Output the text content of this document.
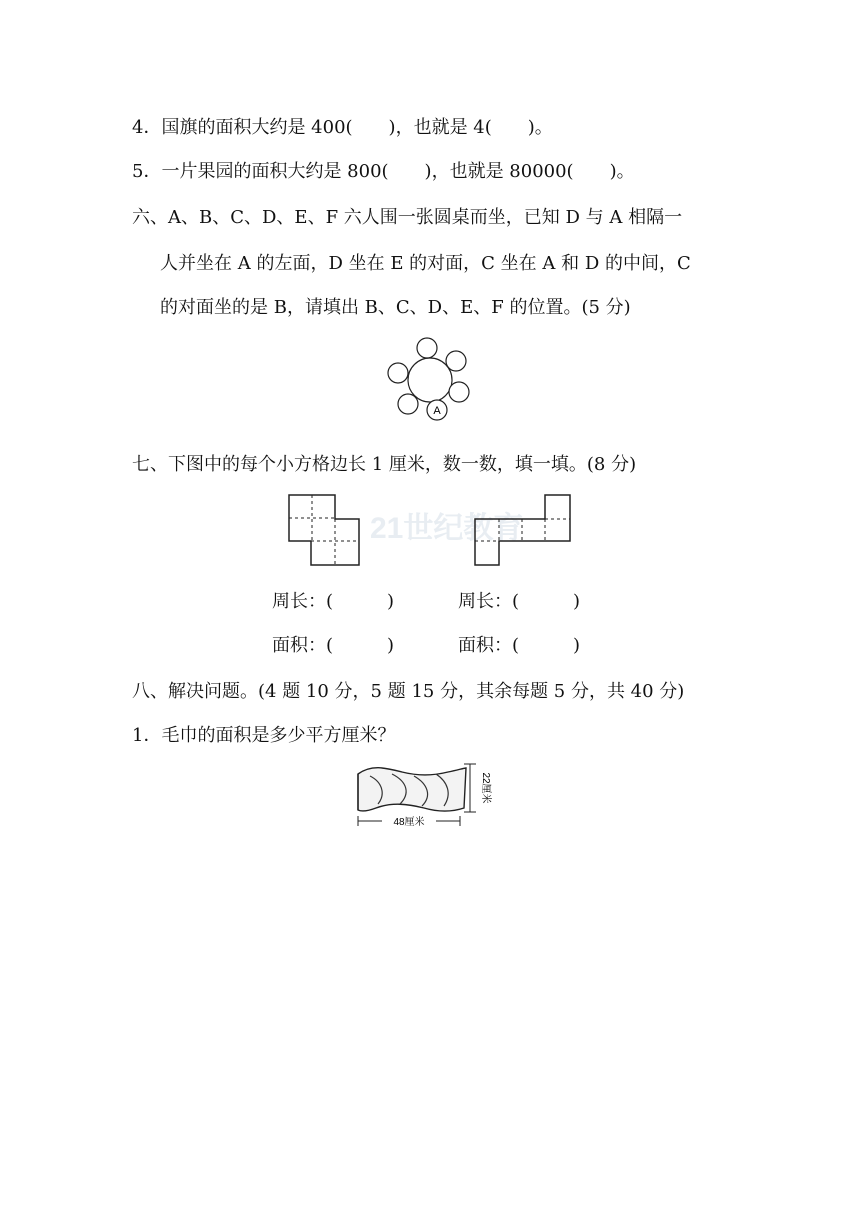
4．国旗的面积大约是 400(　　)，也就是 4(　　)。
5．一片果园的面积大约是 800(　　)，也就是 80000(　　)。
六、A、B、C、D、E、F 六人围一张圆桌而坐，已知 D 与 A 相隔一
人并坐在 A 的左面，D 坐在 E 的对面，C 坐在 A 和 D 的中间，C
的对面坐的是 B，请填出 B、C、D、E、F 的位置。(5 分)
A
七、下图中的每个小方格边长 1 厘米，数一数，填一填。(8 分)
21世纪教育
周长：(　　　)	周长：(　　　)
面积：(　　　)	面积：(　　　)
八、解决问题。(4 题 10 分，5 题 15 分，其余每题 5 分，共 40 分)
1．毛巾的面积是多少平方厘米？
48厘米
22厘米
